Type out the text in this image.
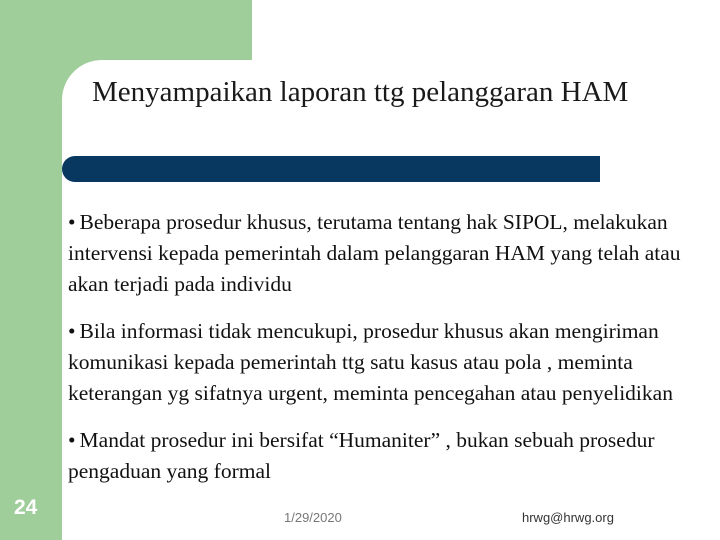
Menyampaikan laporan ttg pelanggaran HAM
• Beberapa prosedur khusus, terutama tentang hak SIPOL, melakukan intervensi kepada pemerintah dalam pelanggaran HAM yang telah atau akan terjadi pada individu
• Bila informasi tidak mencukupi, prosedur khusus akan mengiriman komunikasi kepada pemerintah ttg satu kasus atau pola , meminta keterangan yg sifatnya urgent, meminta pencegahan atau penyelidikan
• Mandat prosedur ini bersifat “Humaniter” , bukan sebuah prosedur pengaduan yang formal
24	1/29/2020	hrwg@hrwg.org
